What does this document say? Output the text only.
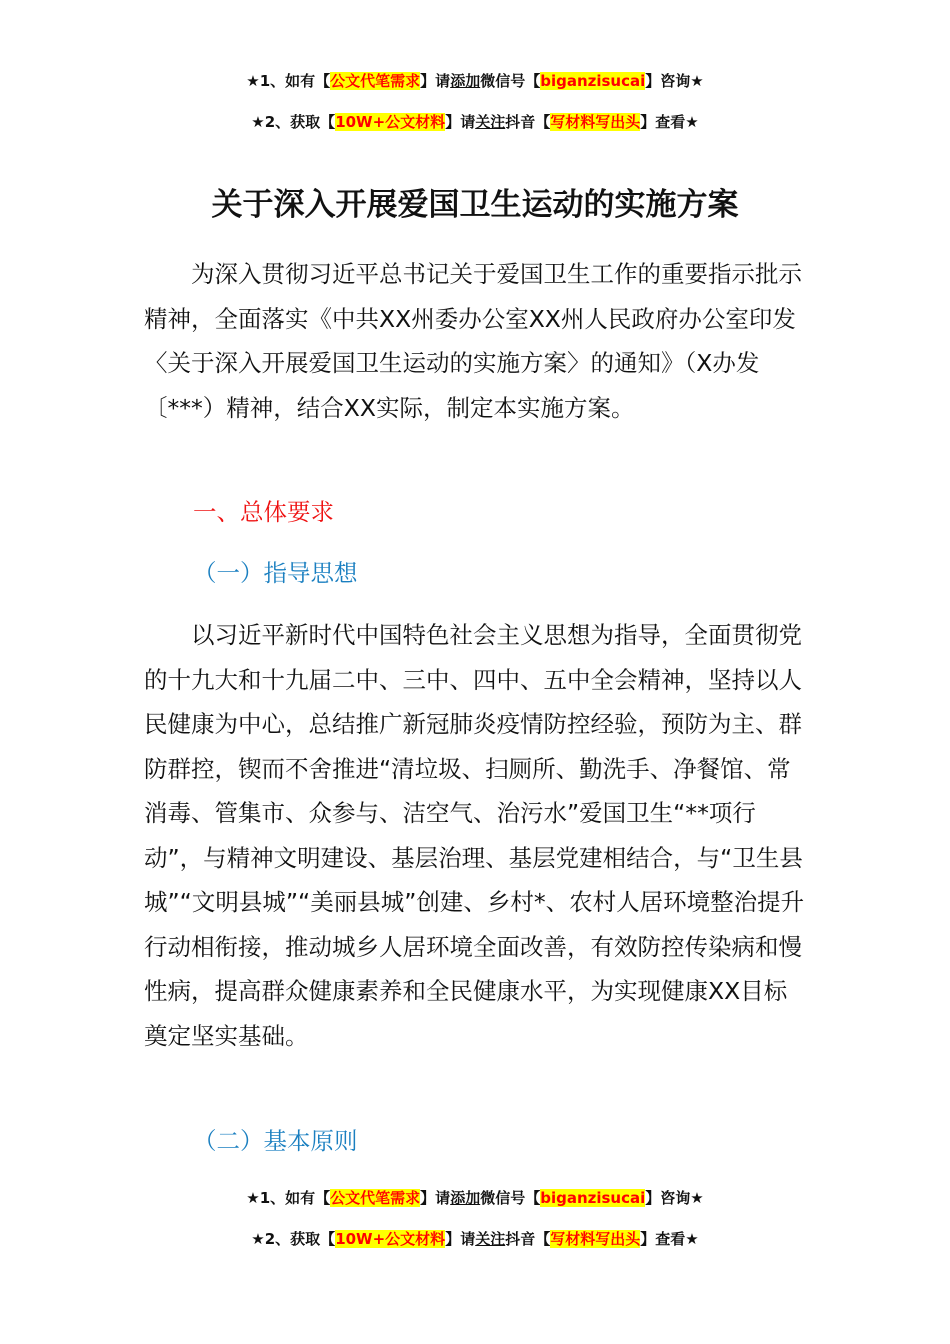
★1、如有【公文代笔需求】请添加微信号【biganzisucai】咨询★
★2、获取【10W+公文材料】请关注抖音【写材料写出头】查看★
关于深入开展爱国卫生运动的实施方案

为深入贯彻习近平总书记关于爱国卫生工作的重要指示批示精神，全面落实《中共XX州委办公室XX州人民政府办公室印发〈关于深入开展爱国卫生运动的实施方案〉的通知》（X办发〔***）精神，结合XX实际，制定本实施方案。

一、总体要求
（一）指导思想

以习近平新时代中国特色社会主义思想为指导，全面贯彻党的十九大和十九届二中、三中、四中、五中全会精神，坚持以人民健康为中心，总结推广新冠肺炎疫情防控经验，预防为主、群防群控，锲而不舍推进“清垃圾、扫厕所、勤洗手、净餐馆、常消毒、管集市、众参与、洁空气、治污水”爱国卫生“**项行动”，与精神文明建设、基层治理、基层党建相结合，与“卫生县城”“文明县城”“美丽县城”创建、乡村*、农村人居环境整治提升行动相衔接，推动城乡人居环境全面改善，有效防控传染病和慢性病，提高群众健康素养和全民健康水平，为实现健康XX目标奠定坚实基础。

（二）基本原则
★1、如有【公文代笔需求】请添加微信号【biganzisucai】咨询★
★2、获取【10W+公文材料】请关注抖音【写材料写出头】查看★
